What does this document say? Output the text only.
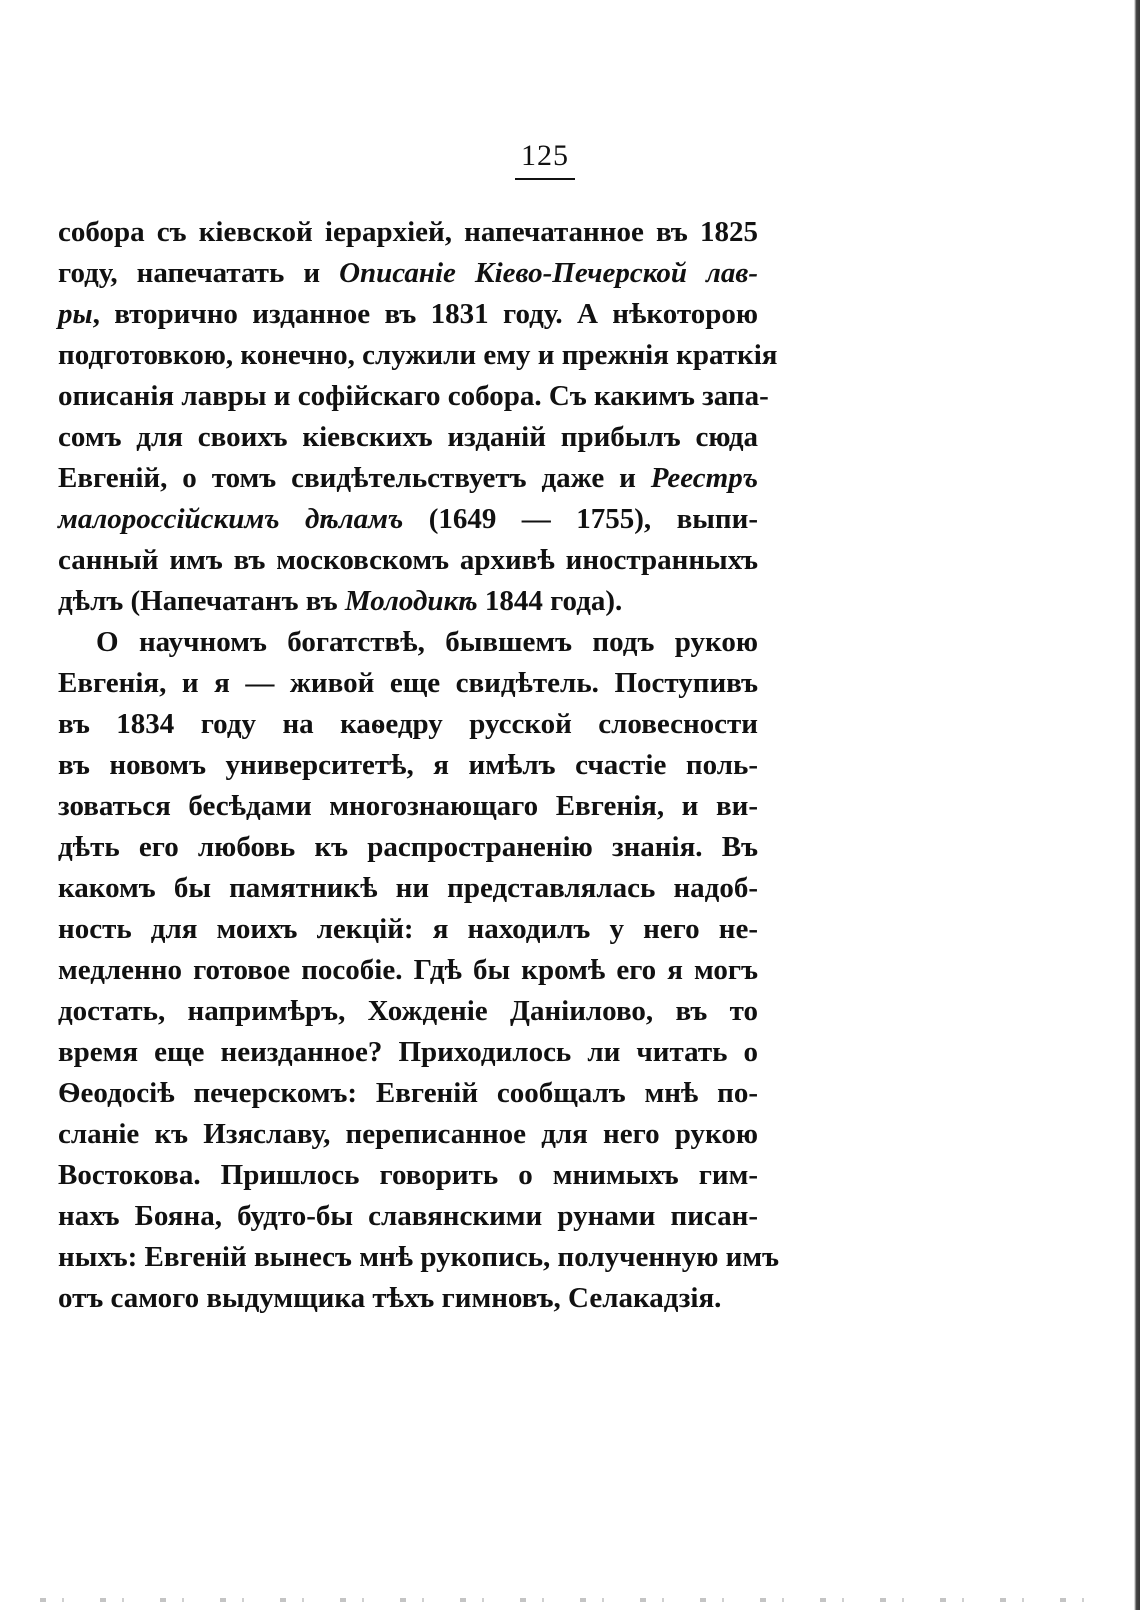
125
собора съ кіевской іерархіей, напечатанное въ 1825
году, напечатать и Описаніе Кіево-Печерской лав-
ры, вторично изданное въ 1831 году. А нѣкоторою
подготовкою, конечно, служили ему и прежнія краткія
описанія лавры и софійскаго собора. Съ какимъ запа-
сомъ для своихъ кіевскихъ изданій прибылъ сюда
Евгеній, о томъ свидѣтельствуетъ даже и Реестръ
малороссійскимъ дѣламъ (1649 — 1755), выпи-
санный имъ въ московскомъ архивѣ иностранныхъ
дѣлъ (Напечатанъ въ Молодикѣ 1844 года).
О научномъ богатствѣ, бывшемъ подъ рукою
Евгенія, и я — живой еще свидѣтель. Поступивъ
въ 1834 году на каѳедру русской словесности
въ новомъ университетѣ, я имѣлъ счастіе поль-
зоваться бесѣдами многознающаго Евгенія, и ви-
дѣть его любовь къ распространенію знанія. Въ
какомъ бы памятникѣ ни представлялась надоб-
ность для моихъ лекцій: я находилъ у него не-
медленно готовое пособіе. Гдѣ бы кромѣ его я могъ
достать, напримѣръ, Хожденіе Даніилово, въ то
время еще неизданное? Приходилось ли читать о
Ѳеодосіѣ печерскомъ: Евгеній сообщалъ мнѣ по-
сланіе къ Изяславу, переписанное для него рукою
Востокова. Пришлось говорить о мнимыхъ гим-
нахъ Бояна, будто-бы славянскими рунами писан-
ныхъ: Евгеній вынесъ мнѣ рукопись, полученную имъ
отъ самого выдумщика тѣхъ гимновъ, Селакадзія.
